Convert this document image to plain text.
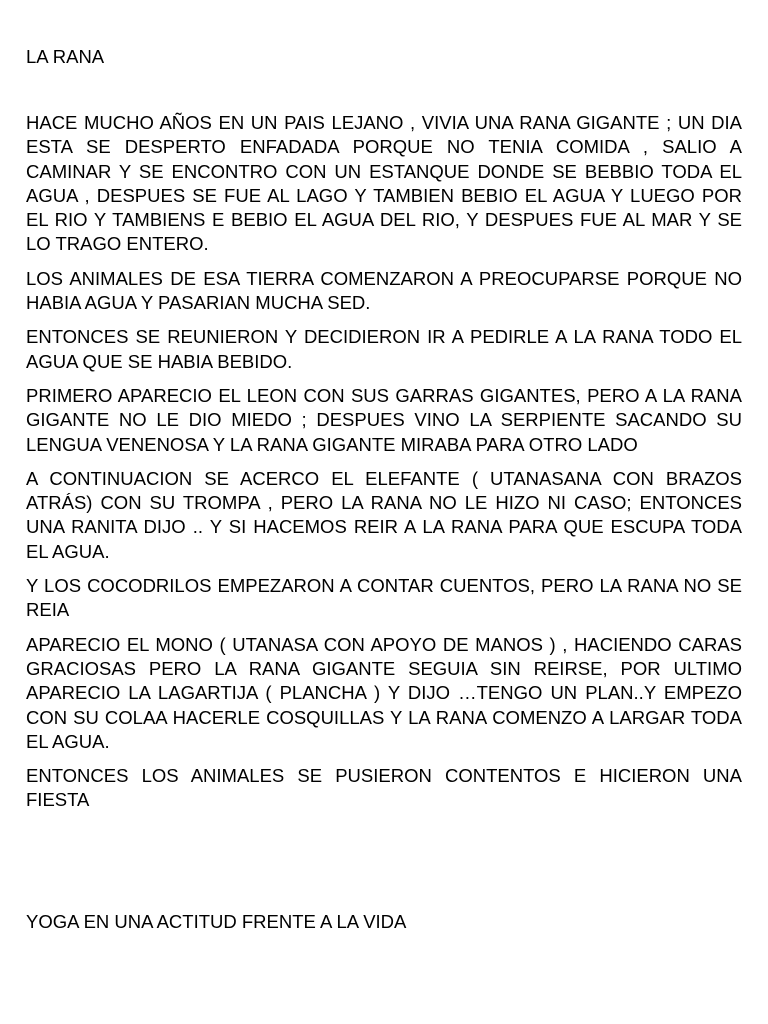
LA RANA

HACE MUCHO AÑOS EN UN PAIS LEJANO , VIVIA UNA RANA GIGANTE ; UN DIA ESTA SE DESPERTO ENFADADA PORQUE NO TENIA COMIDA , SALIO A CAMINAR Y SE ENCONTRO CON UN ESTANQUE DONDE SE BEBBIO TODA EL AGUA , DESPUES SE FUE AL LAGO Y TAMBIEN BEBIO EL AGUA Y LUEGO POR EL RIO Y TAMBIENS E BEBIO EL AGUA DEL RIO, Y DESPUES FUE AL MAR Y SE LO TRAGO ENTERO.

LOS ANIMALES DE ESA TIERRA COMENZARON A PREOCUPARSE PORQUE NO HABIA AGUA Y PASARIAN MUCHA SED.

ENTONCES SE REUNIERON Y DECIDIERON IR A PEDIRLE A LA RANA TODO EL AGUA QUE SE HABIA BEBIDO.

PRIMERO APARECIO EL LEON CON SUS GARRAS GIGANTES, PERO A LA RANA GIGANTE NO LE DIO MIEDO ; DESPUES VINO LA SERPIENTE SACANDO SU LENGUA VENENOSA Y LA RANA GIGANTE MIRABA PARA OTRO LADO

A CONTINUACION SE ACERCO EL ELEFANTE ( UTANASANA CON BRAZOS ATRÁS) CON SU TROMPA , PERO LA RANA NO LE HIZO NI CASO; ENTONCES UNA RANITA DIJO .. Y SI HACEMOS REIR A LA RANA PARA QUE ESCUPA TODA EL AGUA.

Y LOS COCODRILOS EMPEZARON A CONTAR CUENTOS, PERO LA RANA NO SE REIA

APARECIO EL MONO ( UTANASA CON APOYO DE MANOS ) , HACIENDO CARAS GRACIOSAS PERO LA RANA GIGANTE SEGUIA SIN REIRSE, POR ULTIMO APARECIO LA LAGARTIJA ( PLANCHA ) Y DIJO …TENGO UN PLAN..Y EMPEZO CON SU COLAA HACERLE COSQUILLAS Y LA RANA COMENZO A LARGAR TODA EL AGUA.

ENTONCES LOS ANIMALES SE PUSIERON CONTENTOS E HICIERON UNA FIESTA

YOGA EN UNA ACTITUD FRENTE A LA VIDA
